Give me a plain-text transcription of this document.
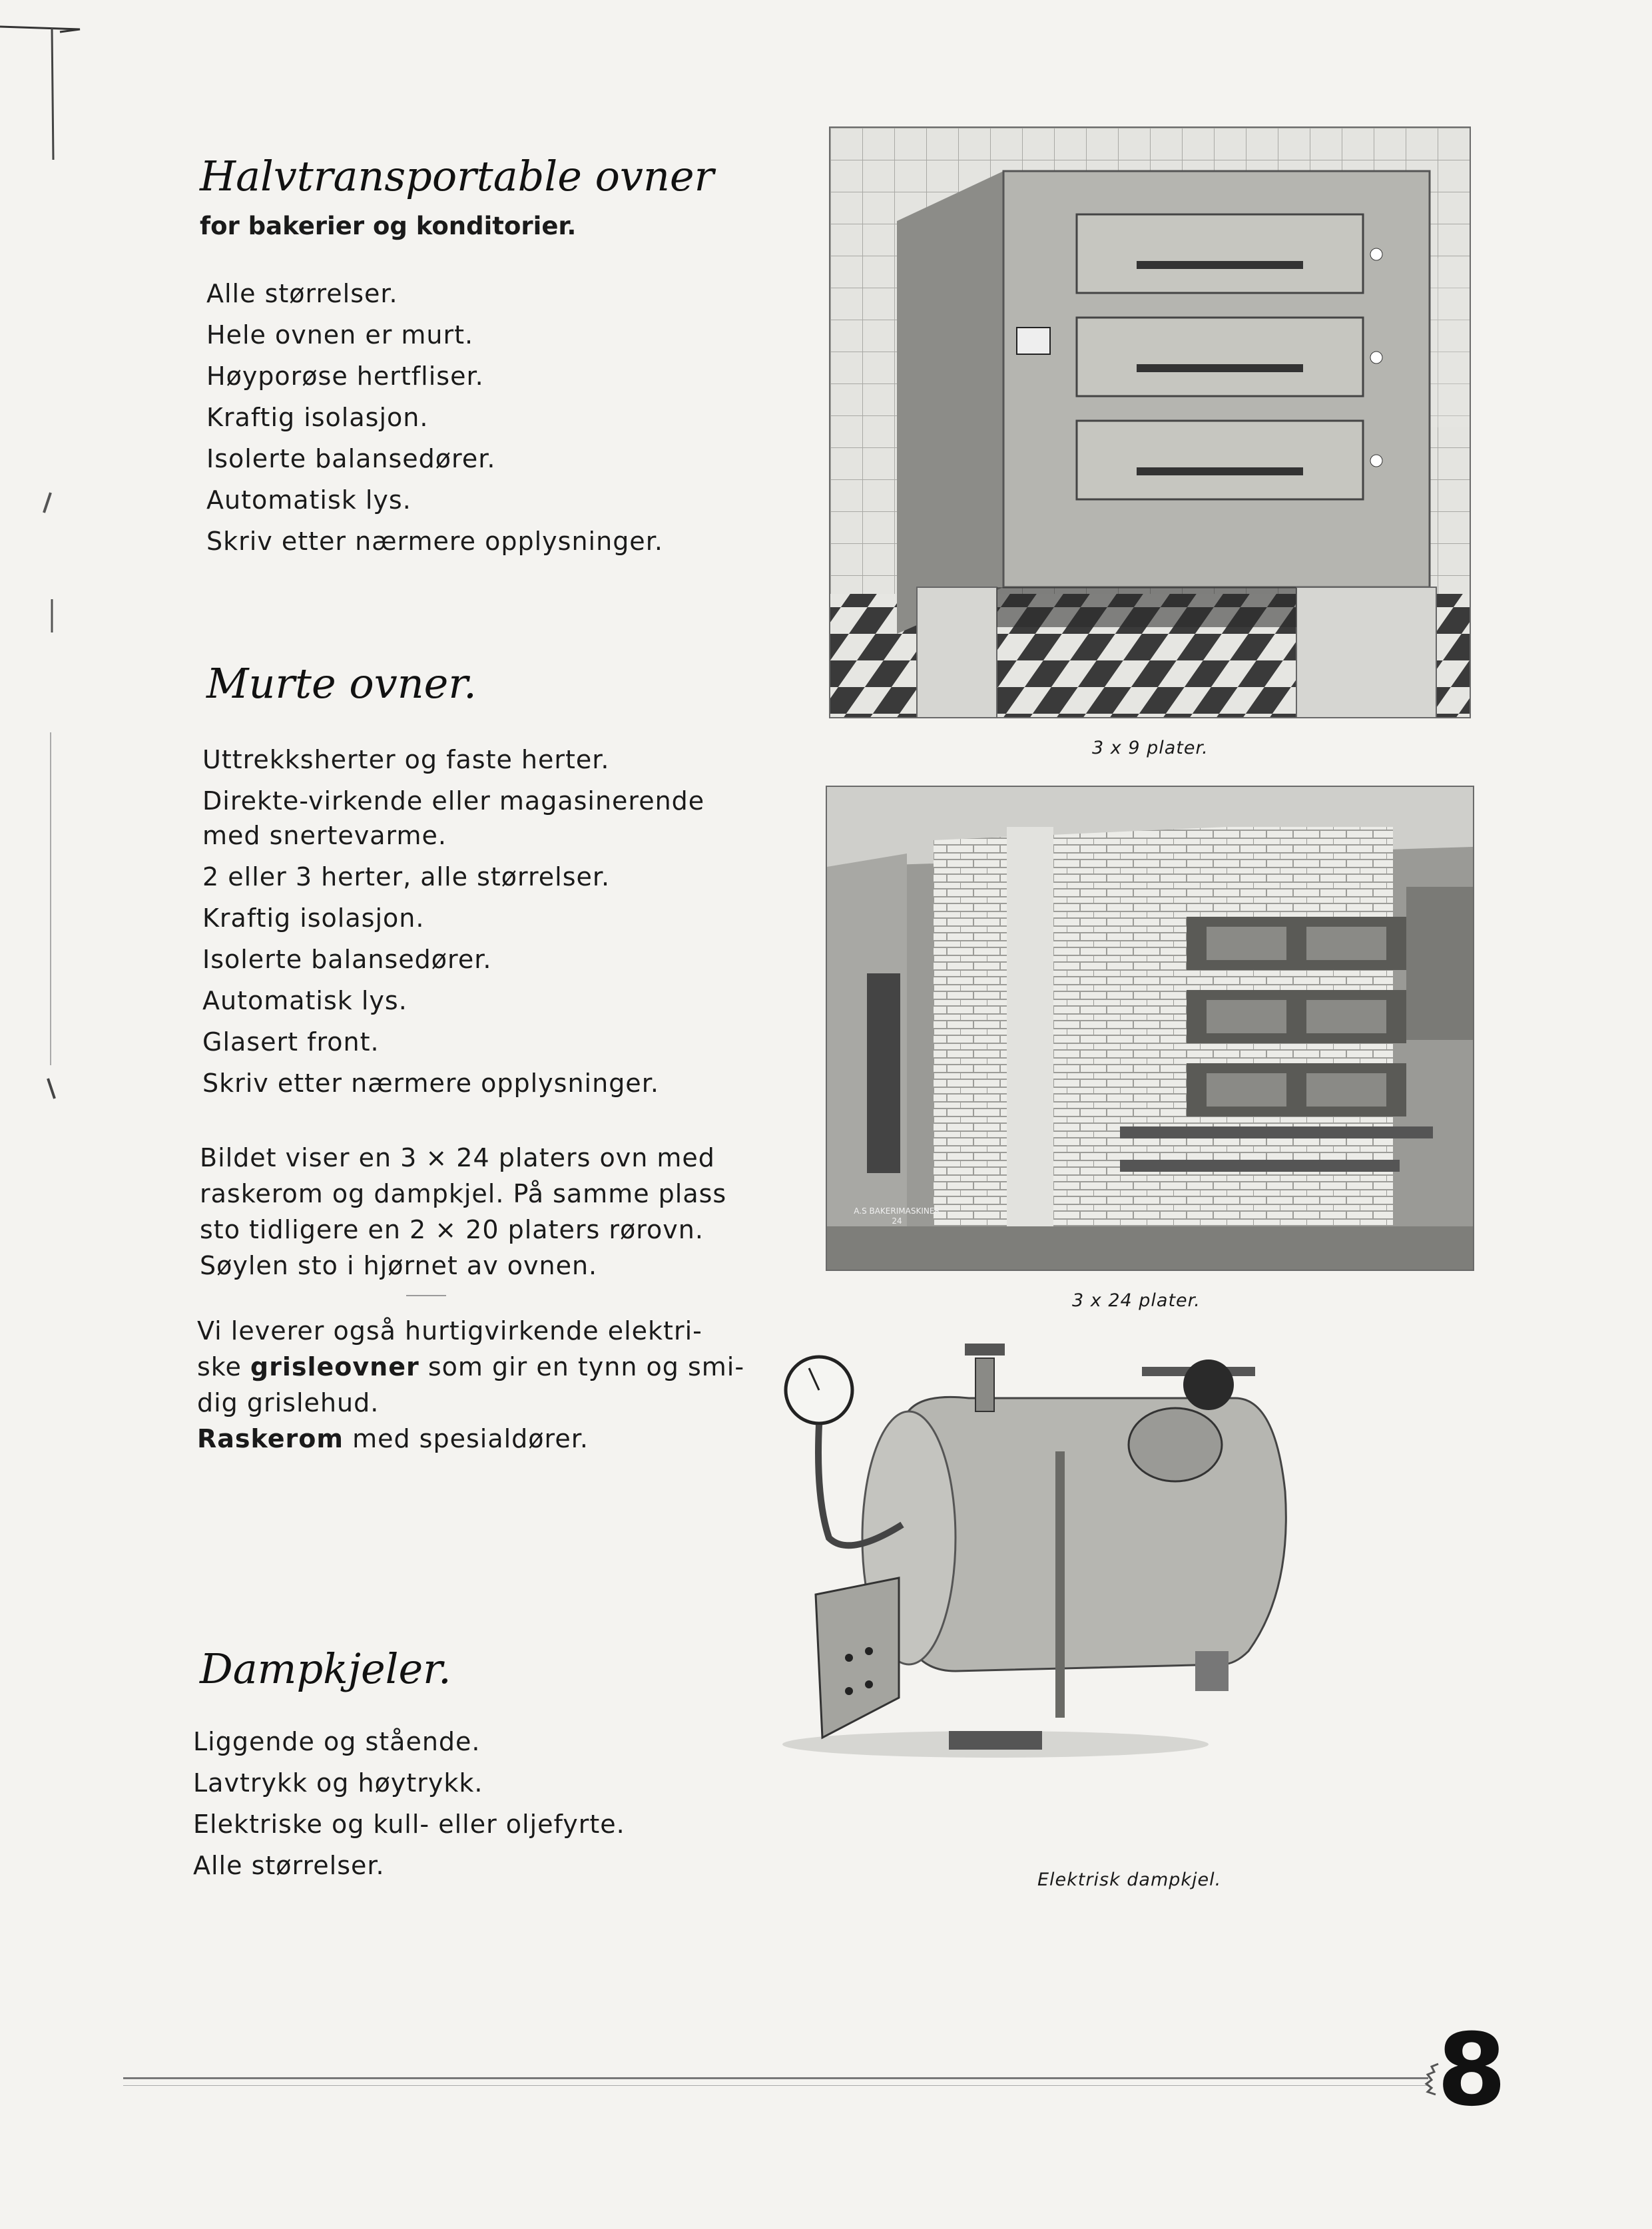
Halvtransportable ovner
for bakerier og konditorier.
Alle størrelser.
Hele ovnen er murt.
Høyporøse hertfliser.
Kraftig isolasjon.
Isolerte balansedører.
Automatisk lys.
Skriv etter nærmere opplysninger.
Murte ovner.
Uttrekksherter og faste herter.
Direkte-virkende eller magasinerende
med snertevarme.
2 eller 3 herter, alle størrelser.
Kraftig isolasjon.
Isolerte balansedører.
Automatisk lys.
Glasert front.
Skriv etter nærmere opplysninger.
Bildet viser en 3 × 24 platers ovn med
raskerom og dampkjel. På samme plass
sto tidligere en 2 × 20 platers rørovn.
Søylen sto i hjørnet av ovnen.
Vi leverer også hurtigvirkende elektri-
ske grisleovner som gir en tynn og smi-
dig grislehud.
Raskerom med spesialdører.
Dampkjeler.
Liggende og stående.
Lavtrykk og høytrykk.
Elektriske og kull- eller oljefyrte.
Alle størrelser.
3 x 9 plater.
A.S BAKERIMASKINER
24
3 x 24 plater.
Elektrisk dampkjel.
8
